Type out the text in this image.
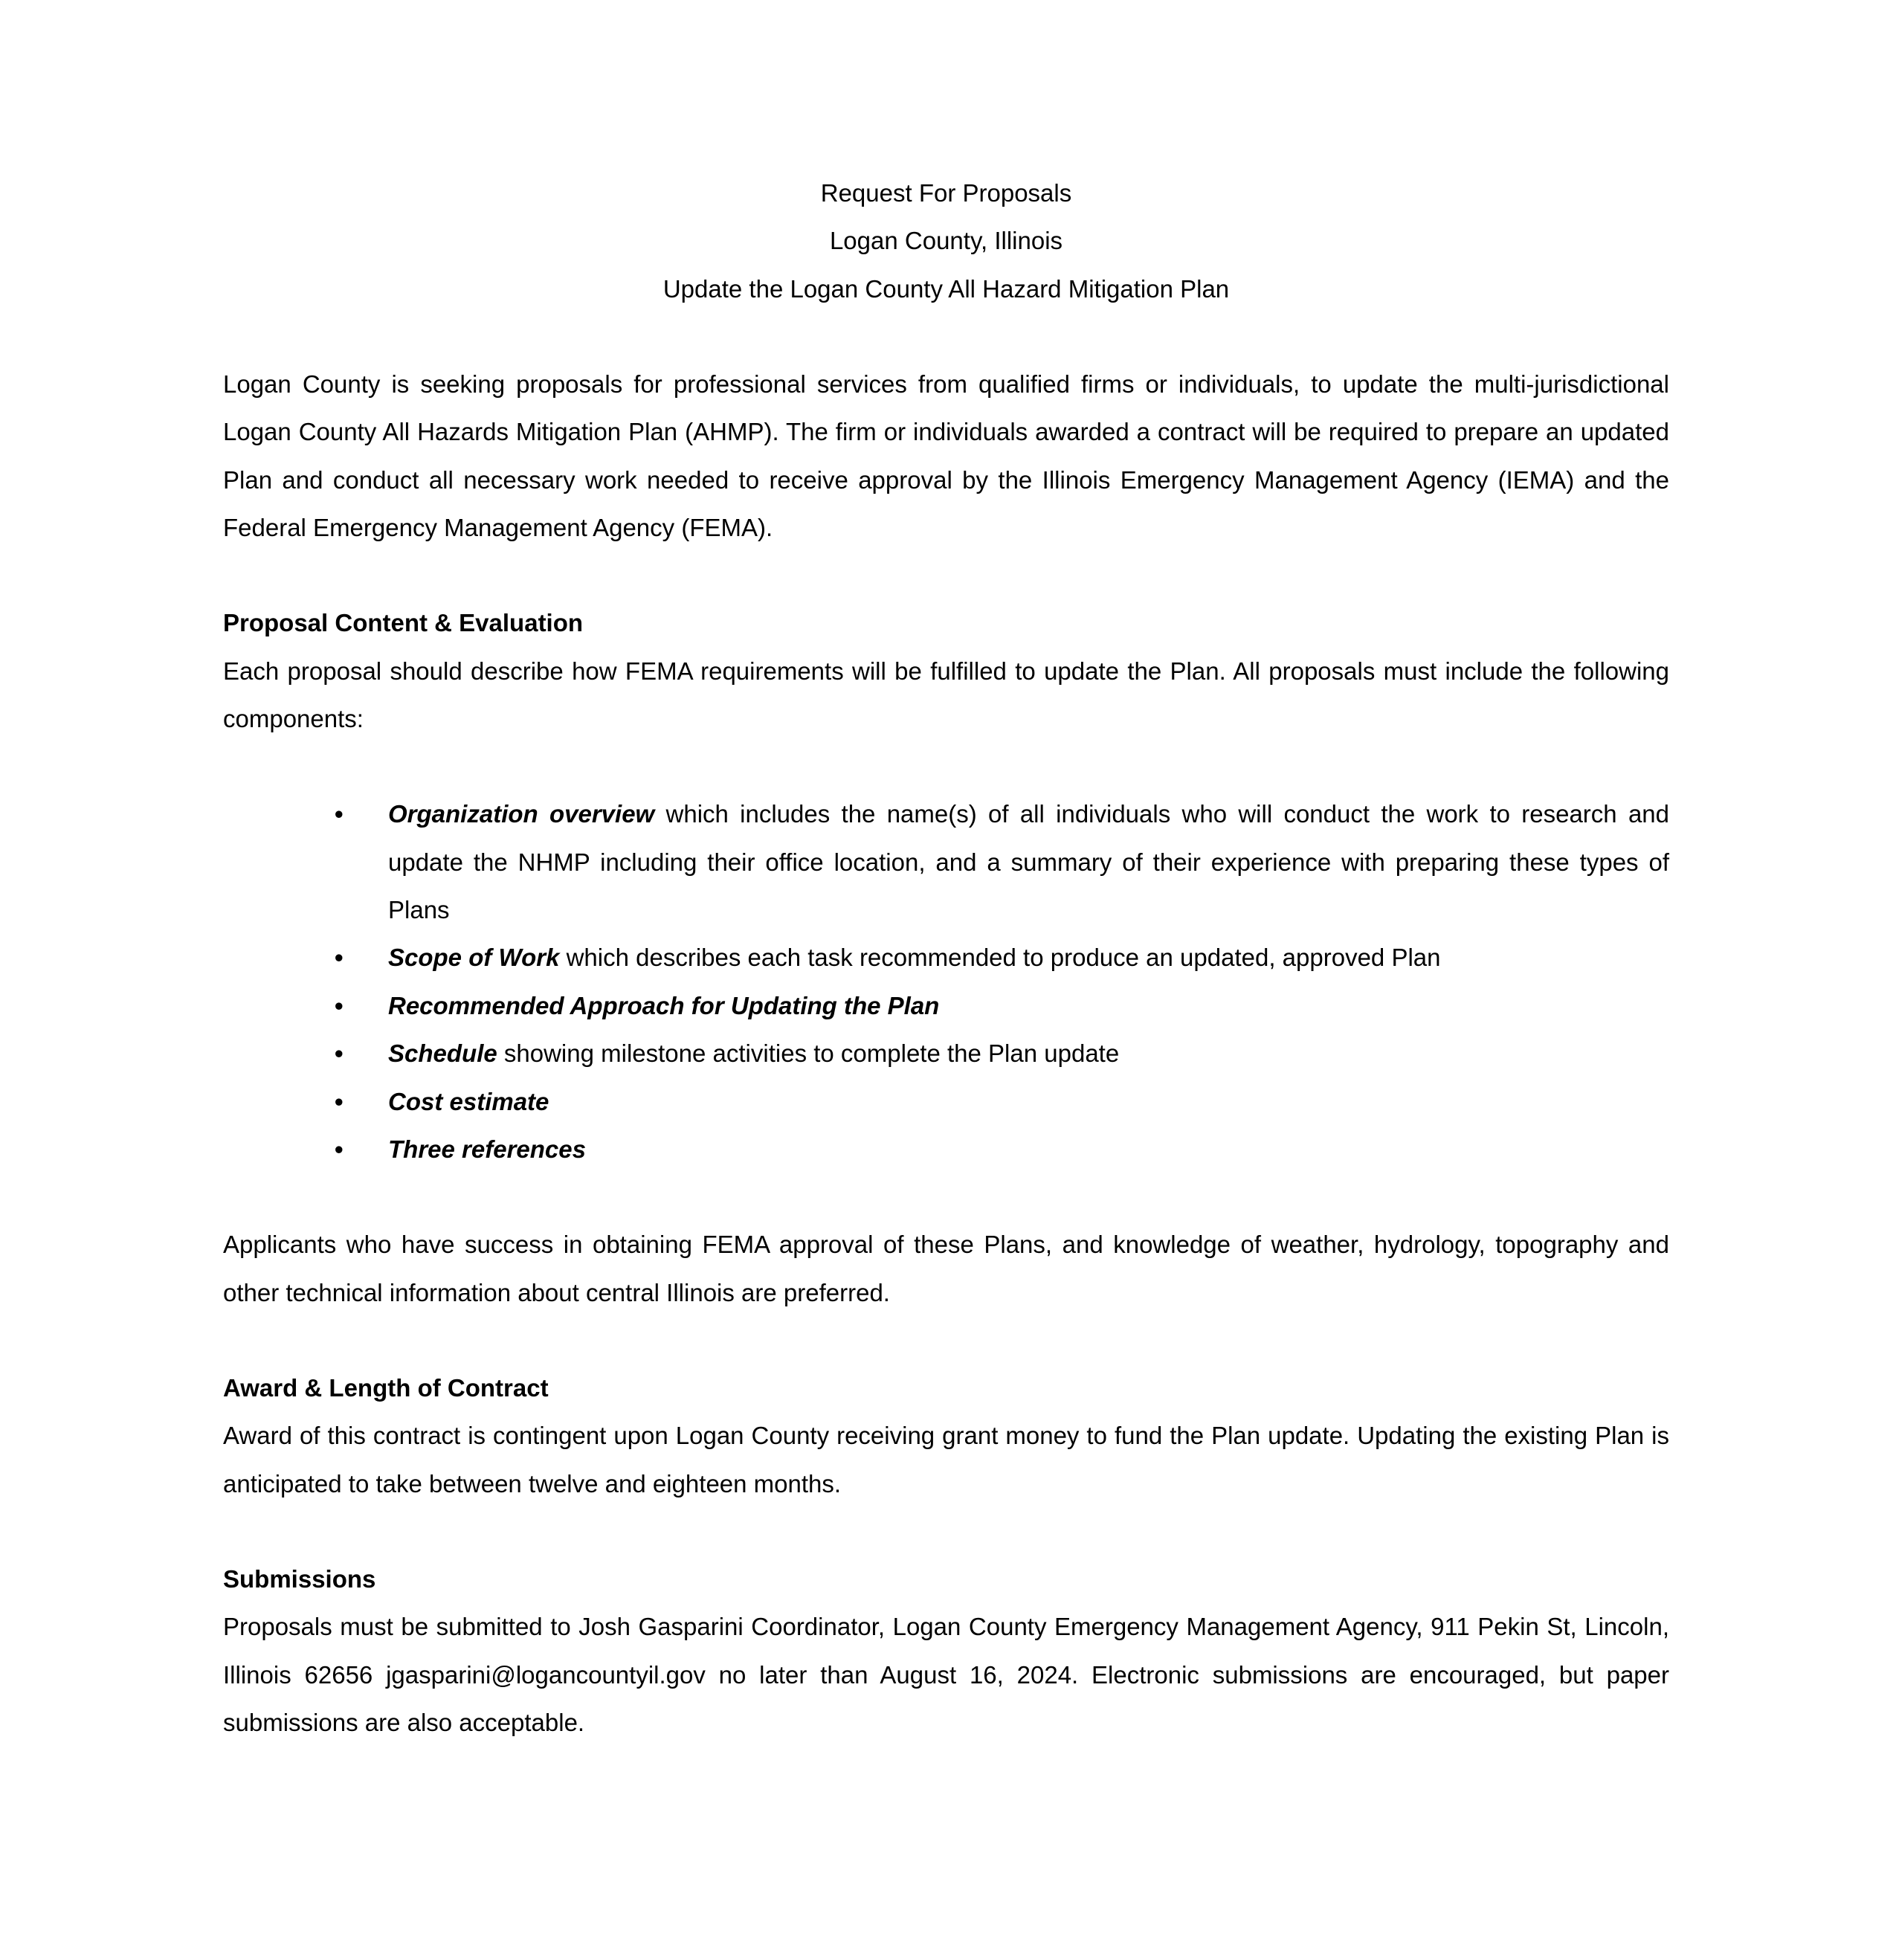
Request For Proposals
Logan County, Illinois
Update the Logan County All Hazard Mitigation Plan

Logan County is seeking proposals for professional services from qualified firms or individuals, to update the multi-jurisdictional Logan County All Hazards Mitigation Plan (AHMP). The firm or individuals awarded a contract will be required to prepare an updated Plan and conduct all necessary work needed to receive approval by the Illinois Emergency Management Agency (IEMA) and the Federal Emergency Management Agency (FEMA).

Proposal Content & Evaluation

Each proposal should describe how FEMA requirements will be fulfilled to update the Plan. All proposals must include the following components:

• Organization overview which includes the name(s) of all individuals who will conduct the work to research and update the NHMP including their office location, and a summary of their experience with preparing these types of Plans
• Scope of Work which describes each task recommended to produce an updated, approved Plan
• Recommended Approach for Updating the Plan
• Schedule showing milestone activities to complete the Plan update
• Cost estimate
• Three references

Applicants who have success in obtaining FEMA approval of these Plans, and knowledge of weather, hydrology, topography and other technical information about central Illinois are preferred.

Award & Length of Contract

Award of this contract is contingent upon Logan County receiving grant money to fund the Plan update. Updating the existing Plan is anticipated to take between twelve and eighteen months.

Submissions

Proposals must be submitted to Josh Gasparini Coordinator, Logan County Emergency Management Agency, 911 Pekin St, Lincoln, Illinois 62656 jgasparini@logancountyil.gov no later than August 16, 2024. Electronic submissions are encouraged, but paper submissions are also acceptable.
